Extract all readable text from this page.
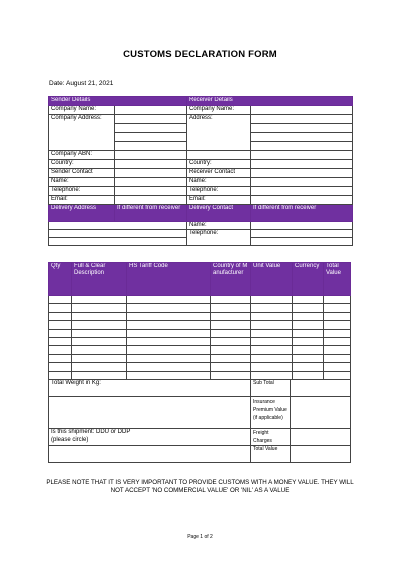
CUSTOMS DECLARATION FORM
Date: August 21, 2021
Sender Details		Receiver Details	
Company Name:		Company Name:	
Company Address:		Address:	

Company ABN:			
Country:		Country:	
Sender Contact		Receiver Contact	
Name:		Name:	
Telephone:		Telephone:	
Email:		Email:	
Delivery Address	If different from receiver	Delivery Contact	If different from receiver
		Name:	
		Telephone:	

Qty	Full & Clear Description	HS Tariff Code	Country of Manufacturer	Unit Value	Currency	Total Value

Total Weight in Kg:	Sub Total	
	Insurance Premium Value (if applicable)	

Is this shipment: DDU or DDP
(please circle)	Freight Charges	
	Total Value	
PLEASE NOTE THAT IT IS VERY IMPORTANT TO PROVIDE CUSTOMS WITH A MONEY VALUE. THEY WILL NOT ACCEPT 'NO COMMERCIAL VALUE' OR 'NIL' AS A VALUE
Page 1 of 2
